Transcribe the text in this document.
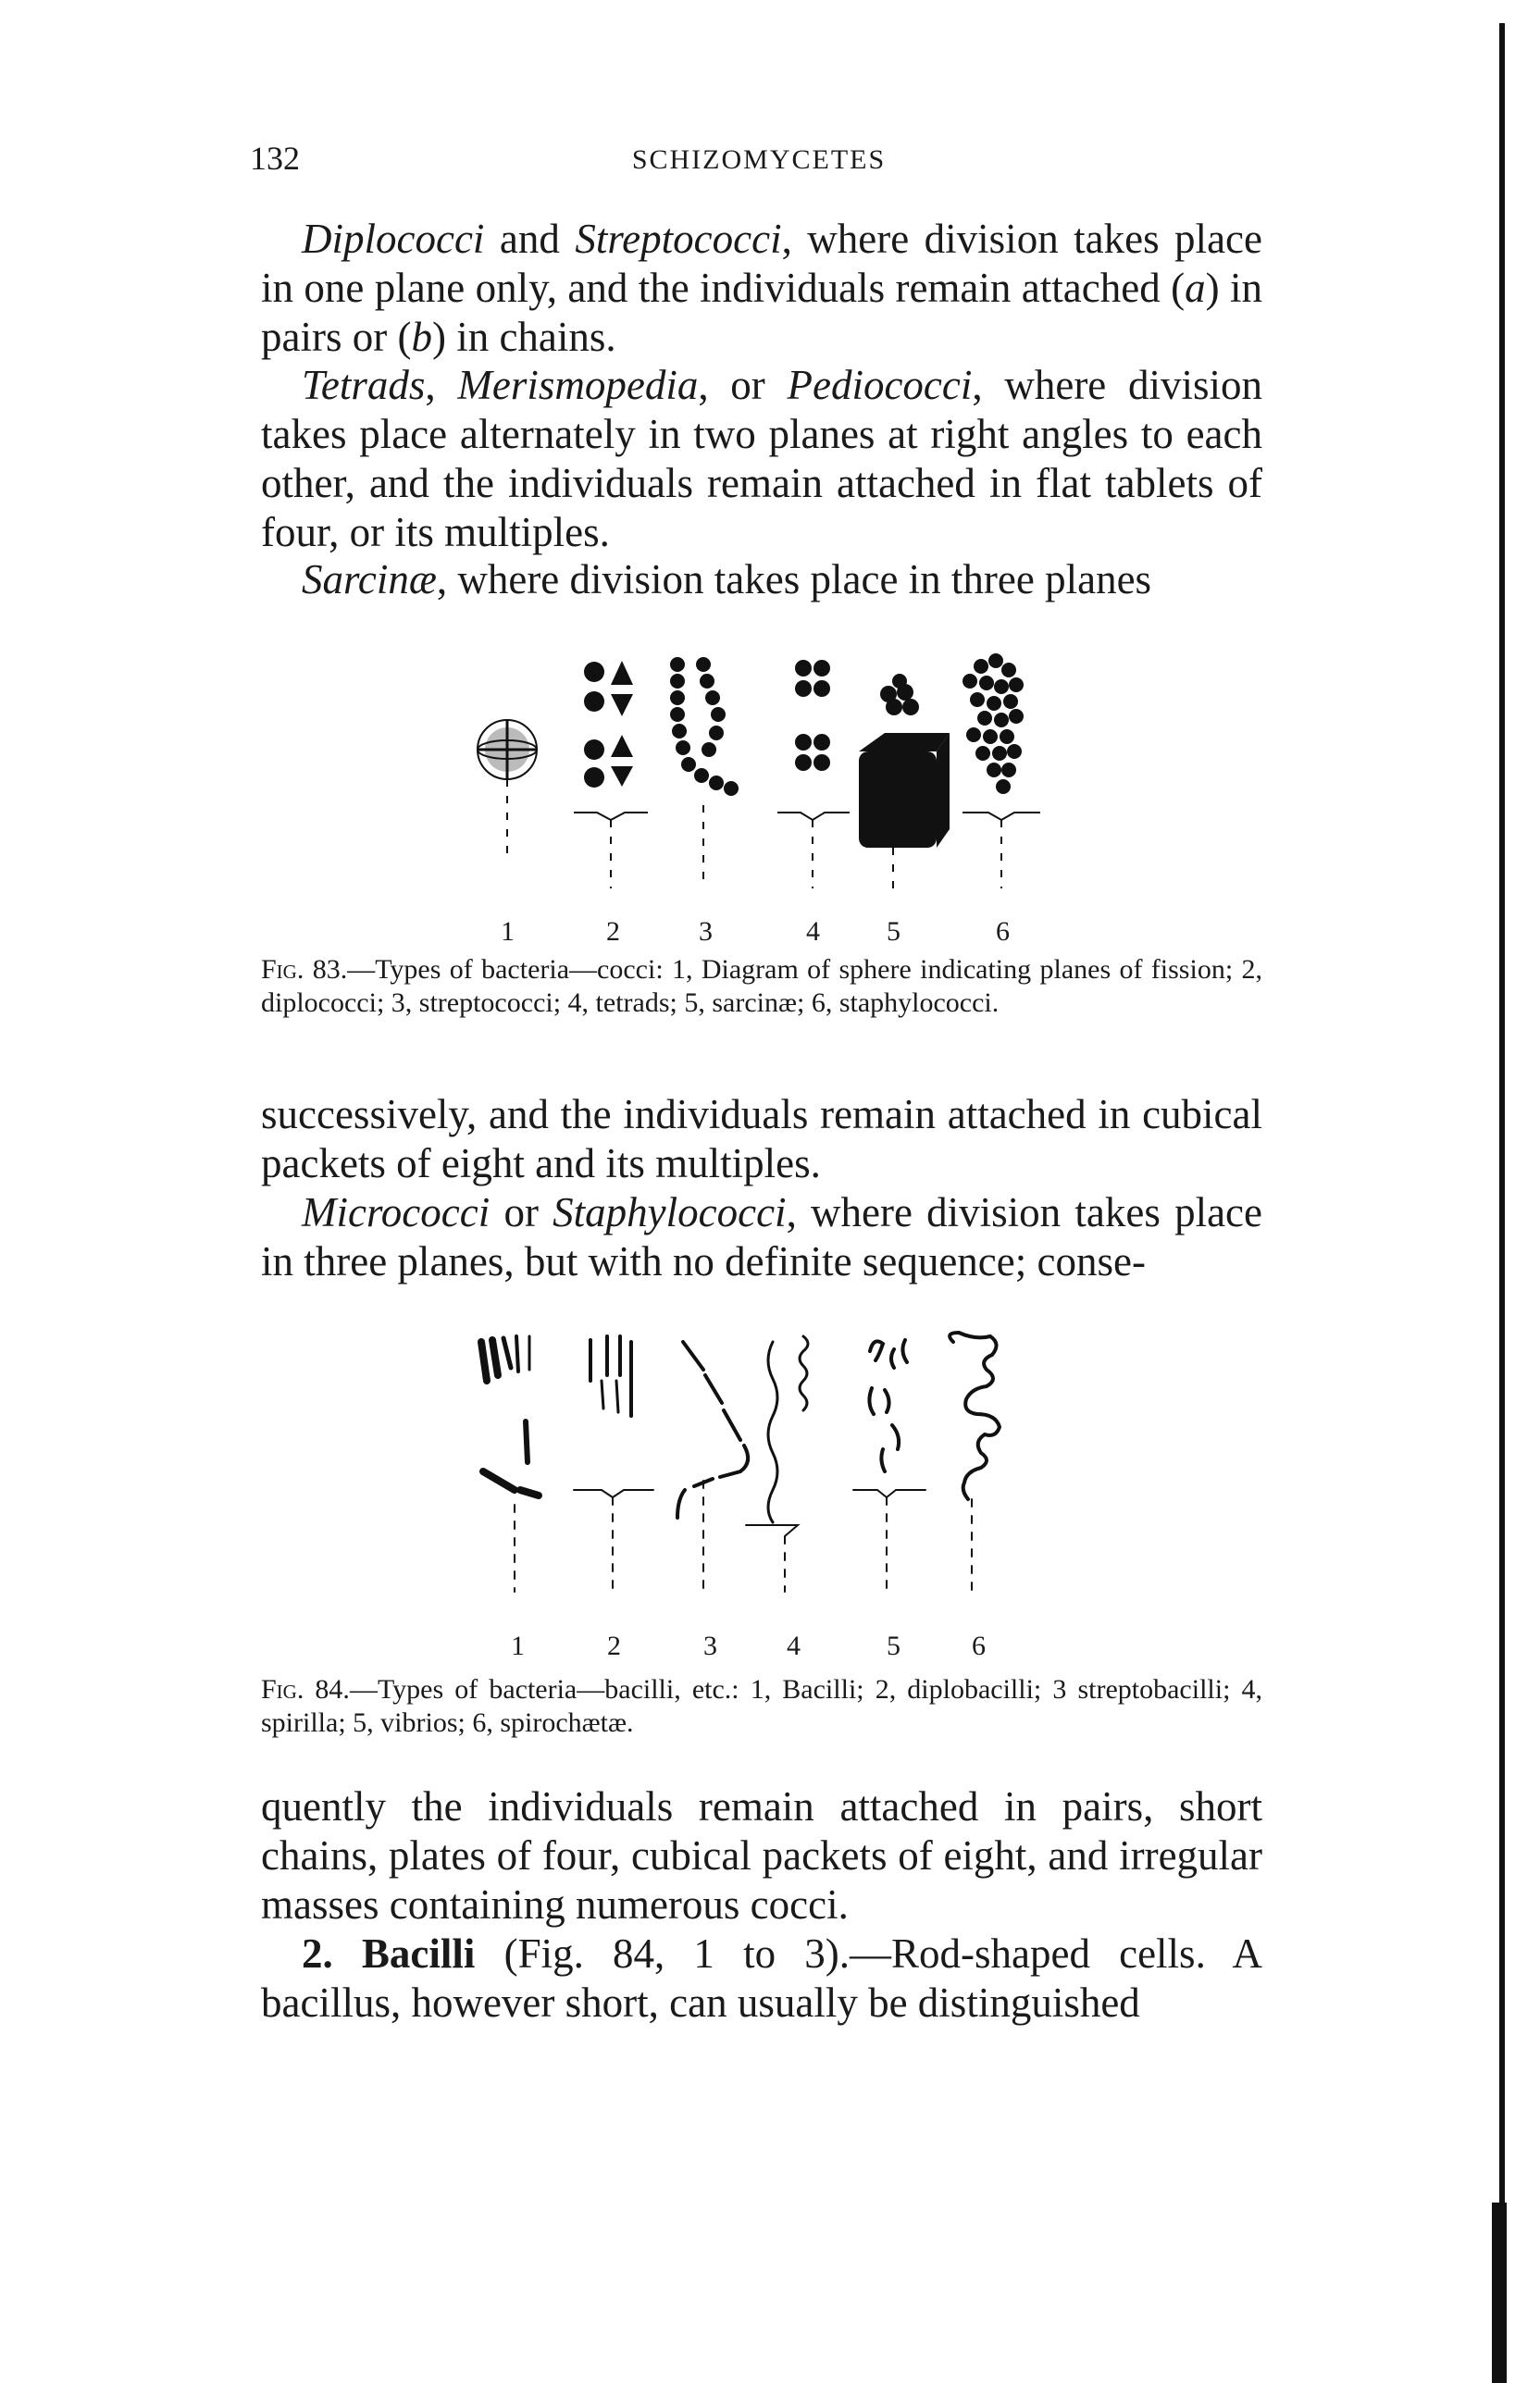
132	SCHIZOMYCETES

Diplococci and Streptococci, where division takes place in one plane only, and the individuals remain attached (a) in pairs or (b) in chains.

Tetrads, Merismopedia, or Pediococci, where division takes place alternately in two planes at right angles to each other, and the individuals remain attached in flat tablets of four, or its multiples.

Sarcinæ, where division takes place in three planes

1	2	3	4 5	6

Fig. 83.—Types of bacteria—cocci: 1, Diagram of sphere indicating planes of fission; 2, diplococci; 3, streptococci; 4, tetrads; 5, sarcinæ; 6, staphylococci.

successively, and the individuals remain attached in cubical packets of eight and its multiples.

Micrococci or Staphylococci, where division takes place in three planes, but with no definite sequence; conse-

1	2	3	4	5	6

Fig. 84.—Types of bacteria—bacilli, etc.: 1, Bacilli; 2, diplobacilli; 3 streptobacilli; 4, spirilla; 5, vibrios; 6, spirochætæ.

quently the individuals remain attached in pairs, short chains, plates of four, cubical packets of eight, and irregular masses containing numerous cocci.

2. Bacilli (Fig. 84, 1 to 3).—Rod-shaped cells. A bacillus, however short, can usually be distinguished
